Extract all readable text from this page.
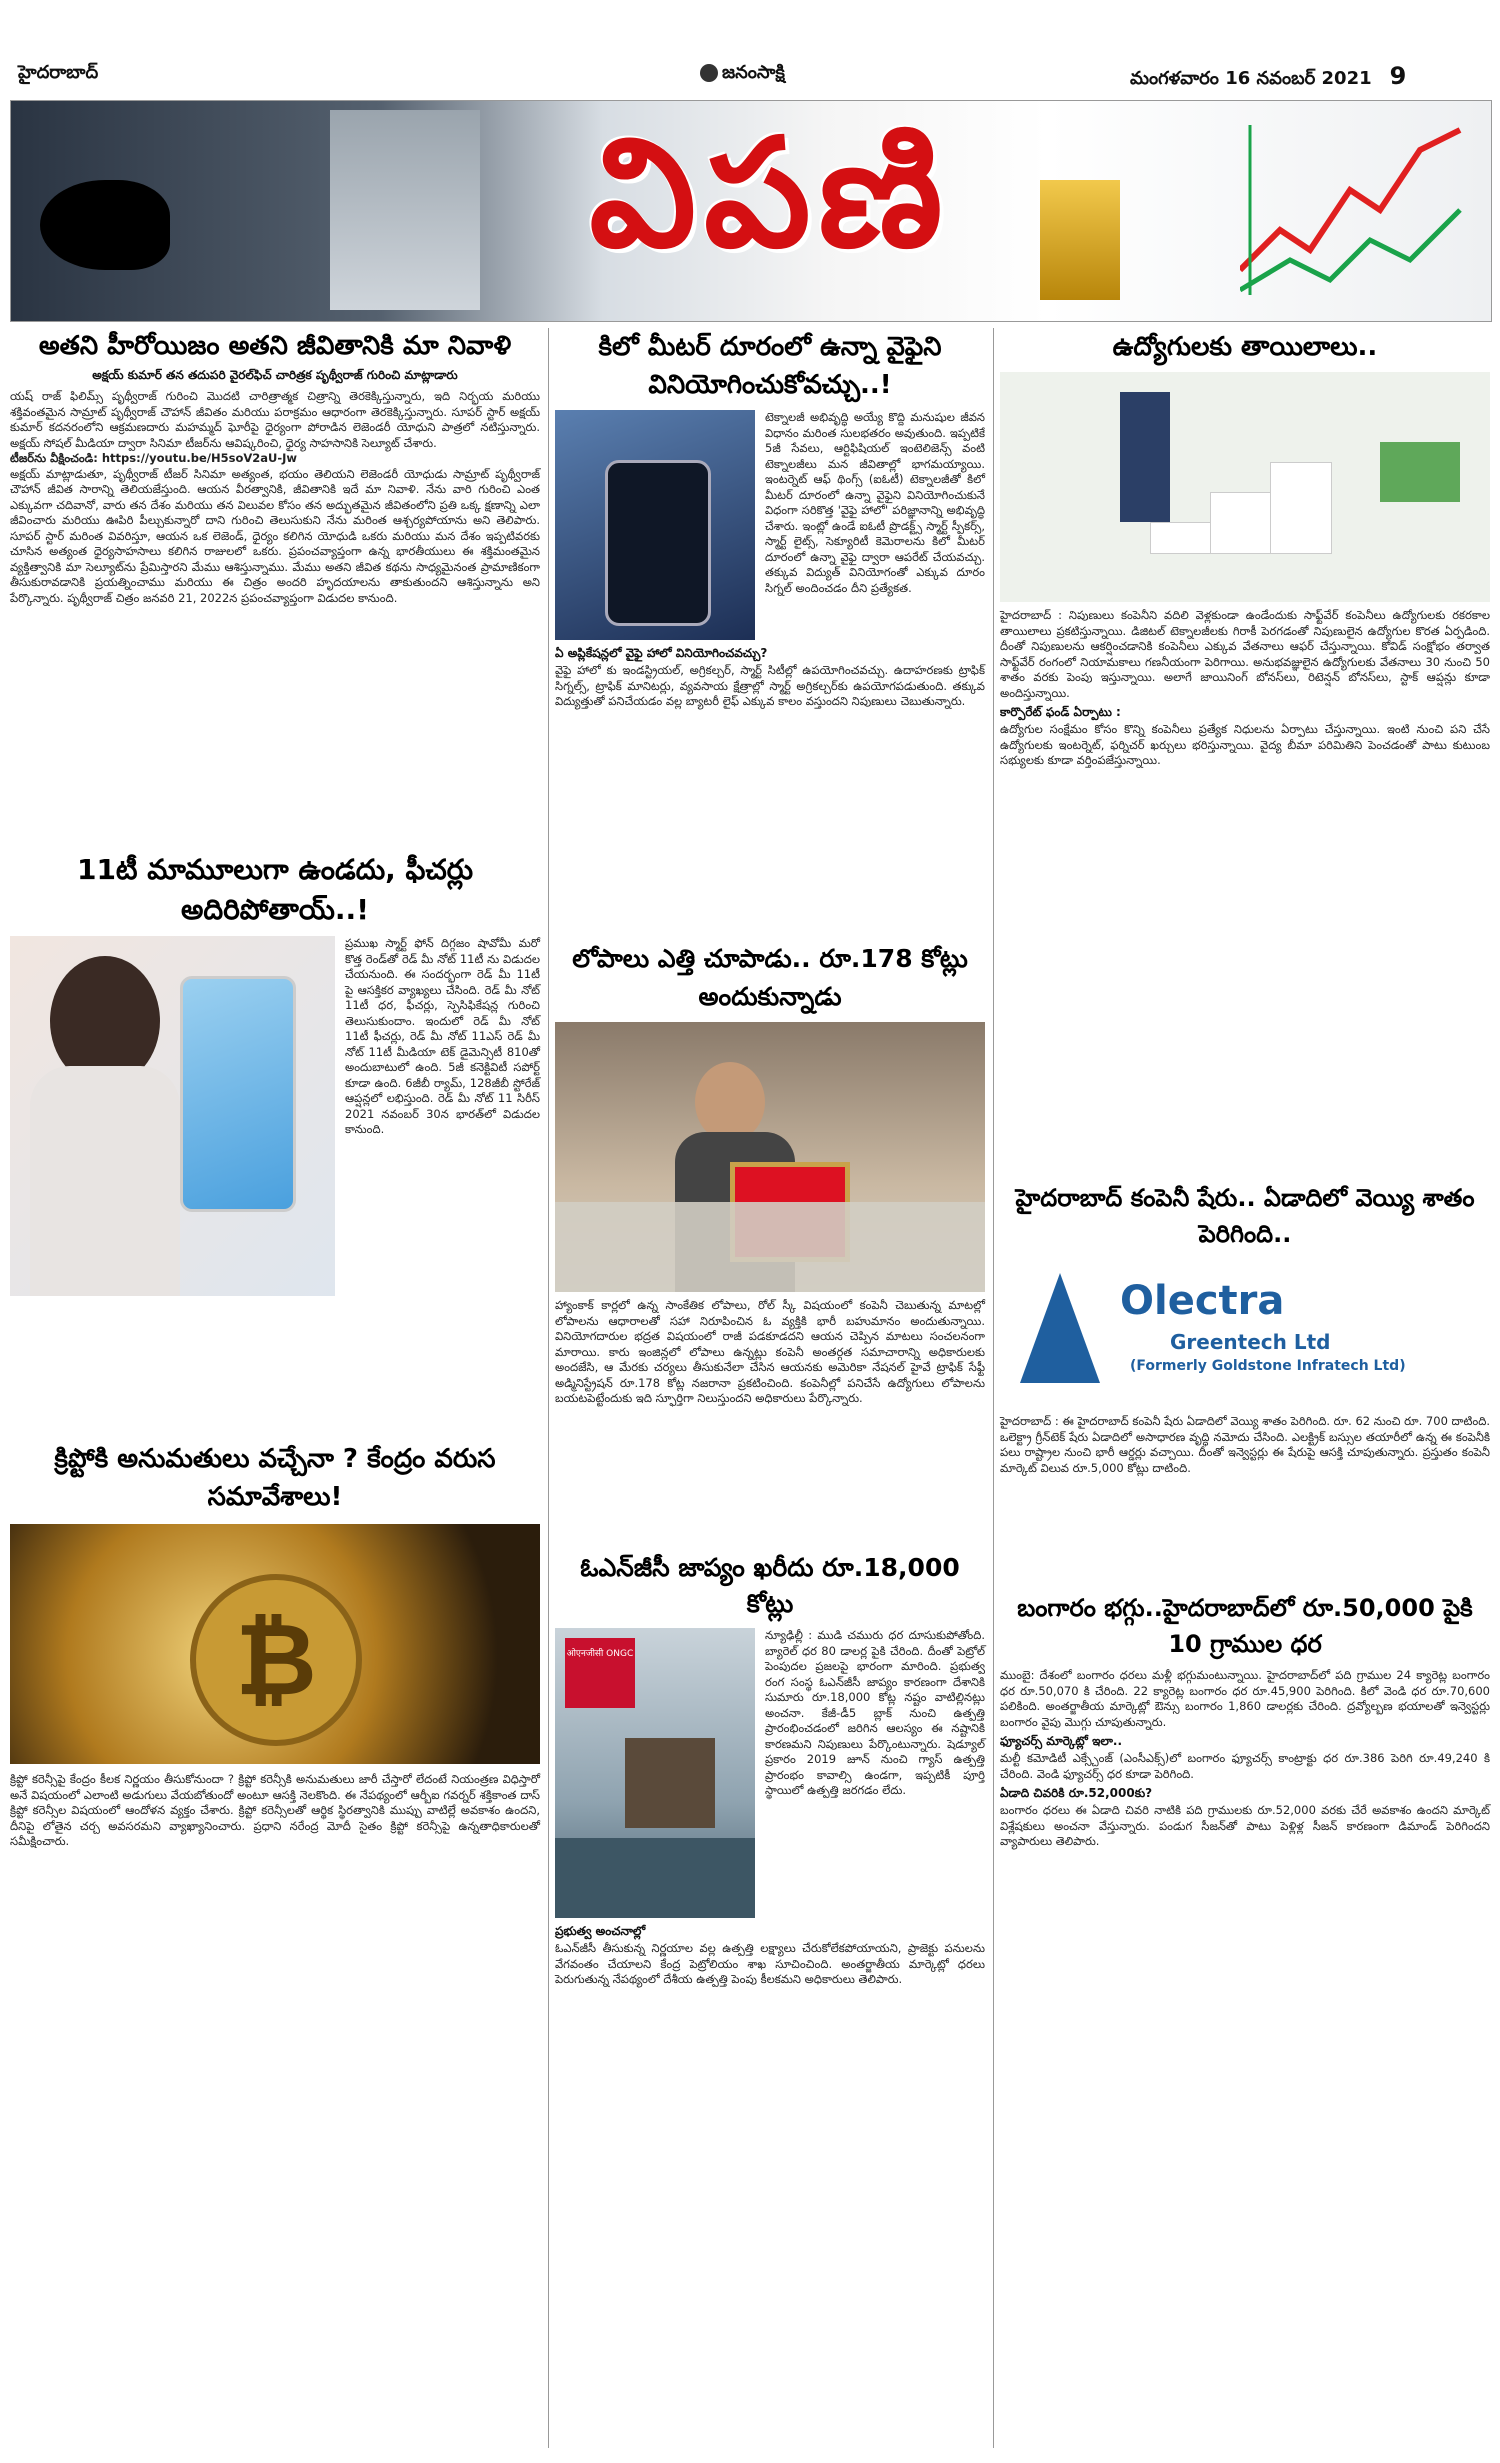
హైదరాబాద్	జనంసాక్షి	మంగళవారం 16 నవంబర్ 2021 9
విపణి
అతని హీరోయిజం అతని జీవితానికి మా నివాళి

అక్షయ్ కుమార్ తన తదుపరి వైరల్‌ఫిచ్ చారిత్రక పృథ్వీరాజ్ గురించి మాట్లాడారు

యష్ రాజ్ ఫిలిమ్స్ పృథ్వీరాజ్ గురించి మొదటి చారిత్రాత్మక చిత్రాన్ని తెరకెక్కిస్తున్నారు, ఇది నిర్భయ మరియు శక్తివంతమైన సామ్రాట్ పృథ్వీరాజ్ చౌహాన్ జీవితం మరియు పరాక్రమం ఆధారంగా తెరకెక్కిస్తున్నారు. సూపర్ స్టార్ అక్షయ్ కుమార్ కదనరంలోని ఆక్రమణదారు మహమ్మద్ ఘోరీపై ధైర్యంగా పోరాడిన లెజెండరీ యోధుని పాత్రలో నటిస్తున్నారు. అక్షయ్ సోషల్ మీడియా ద్వారా సినిమా టీజర్‌ను ఆవిష్కరించి, ధైర్య సాహసానికి సెల్యూట్ చేశారు.

టీజర్‌ను వీక్షించండి: https://youtu.be/H5soV2aU-Jw

అక్షయ్ మాట్లాడుతూ, పృథ్వీరాజ్ టీజర్ సినిమా అత్యంత, భయం తెలియని లెజెండరీ యోధుడు సామ్రాట్ పృథ్వీరాజ్ చౌహాన్ జీవిత సారాన్ని తెలియజేస్తుంది. ఆయన వీరత్వానికి, జీవితానికి ఇదే మా నివాళి. నేను వారి గురించి ఎంత ఎక్కువగా చదివానో, వారు తన దేశం మరియు తన విలువల కోసం తన అద్భుతమైన జీవితంలోని ప్రతి ఒక్క క్షణాన్ని ఎలా జీవించారు మరియు ఊపిరి పీల్చుకున్నారో దాని గురించి తెలుసుకుని నేను మరింత ఆశ్చర్యపోయాను అని తెలిపారు. సూపర్ స్టార్ మరింత వివరిస్తూ, ఆయన ఒక లెజెండ్, ధైర్యం కలిగిన యోధుడి ఒకరు మరియు మన దేశం ఇప్పటివరకు చూసిన అత్యంత ధైర్యసాహసాలు కలిగిన రాజులలో ఒకరు. ప్రపంచవ్యాప్తంగా ఉన్న భారతీయులు ఈ శక్తిమంతమైన వ్యక్తిత్వానికి మా సెల్యూట్‌ను ప్రేమిస్తారని మేము ఆశిస్తున్నాము. మేము అతని జీవిత కథను సాధ్యమైనంత ప్రామాణికంగా తీసుకురావడానికి ప్రయత్నించాము మరియు ఈ చిత్రం అందరి హృదయాలను తాకుతుందని ఆశిస్తున్నాను అని పేర్కొన్నారు. పృథ్వీరాజ్ చిత్రం జనవరి 21, 2022న ప్రపంచవ్యాప్తంగా విడుదల కానుంది.

11టీ మామూలుగా ఉండదు, ఫీచర్లు అదిరిపోతాయ్..!

ప్రముఖ స్మార్ట్ ఫోన్ దిగ్గజం షావోమీ మరో కొత్త రెండ్‌తో రెడ్ మీ నోట్ 11టీ ను విడుదల చేయనుంది. ఈ సందర్భంగా రెడ్ మీ 11టీ పై ఆసక్తికర వ్యాఖ్యలు చేసింది. రెడ్ మీ నోట్ 11టీ ధర, ఫీచర్లు, స్పెసిఫికేషన్ల గురించి తెలుసుకుందాం. ఇందులో రెడ్ మీ నోట్ 11టీ ఫీచర్లు, రెడ్ మీ నోట్ 11ఎస్ రెడ్ మీ నోట్ 11టీ మీడియా టెక్ డైమెన్సిటీ 810తో అందుబాటులో ఉంది. 5జీ కనెక్టివిటీ సపోర్ట్ కూడా ఉంది. 6జీబీ ర్యామ్, 128జీబీ స్టోరేజ్ ఆప్షన్లలో లభిస్తుంది. రెడ్ మీ నోట్ 11 సిరీస్ 2021 నవంబర్ 30న భారత్‌లో విడుదల కానుంది.

క్రిప్టోకి అనుమతులు వచ్చేనా ? కేంద్రం వరుస సమావేశాలు!
₿

క్రిప్టో కరెన్సీపై కేంద్రం కీలక నిర్ణయం తీసుకోనుందా ? క్రిప్టో కరెన్సీకి అనుమతులు జారీ చేస్తారో లేదంటే నియంత్రణ విధిస్తారో అనే విషయంలో ఎలాంటి అడుగులు వేయబోతుందో అంటూ ఆసక్తి నెలకొంది. ఈ నేపథ్యంలో ఆర్బీఐ గవర్నర్ శక్తికాంత దాస్ క్రిప్టో కరెన్సీల విషయంలో ఆందోళన వ్యక్తం చేశారు. క్రిప్టో కరెన్సీలతో ఆర్థిక స్థిరత్వానికి ముప్పు వాటిల్లే అవకాశం ఉందని, దీనిపై లోతైన చర్చ అవసరమని వ్యాఖ్యానించారు. ప్రధాని నరేంద్ర మోదీ సైతం క్రిప్టో కరెన్సీపై ఉన్నతాధికారులతో సమీక్షించారు.

కిలో మీటర్ దూరంలో ఉన్నా వైఫైని వినియోగించుకోవచ్చు..!

టెక్నాలజీ అభివృద్ధి అయ్యే కొద్ది మనుషుల జీవన విధానం మరింత సులభతరం అవుతుంది. ఇప్పటికే 5జీ సేవలు, ఆర్టిఫిషియల్ ఇంటెలిజెన్స్ వంటి టెక్నాలజీలు మన జీవితాల్లో భాగమయ్యాయి. ఇంటర్నెట్ ఆఫ్ థింగ్స్ (ఐఓటీ) టెక్నాలజీతో కిలో మీటర్ దూరంలో ఉన్నా వైఫైని వినియోగించుకునే విధంగా సరికొత్త 'వైఫై హాలో' పరిజ్ఞానాన్ని అభివృద్ధి చేశారు. ఇంట్లో ఉండే ఐఓటీ ప్రొడక్ట్స్ స్మార్ట్ స్పీకర్స్, స్మార్ట్ లైట్స్, సెక్యూరిటీ కెమెరాలను కిలో మీటర్ దూరంలో ఉన్నా వైఫై ద్వారా ఆపరేట్ చేయవచ్చు. తక్కువ విద్యుత్ వినియోగంతో ఎక్కువ దూరం సిగ్నల్ అందించడం దీని ప్రత్యేకత.

ఏ అప్లికేషన్లలో వైఫై హాలో వినియోగించవచ్చు?

వైఫై హాలో కు ఇండస్ట్రియల్, అగ్రికల్చర్, స్మార్ట్ సిటీల్లో ఉపయోగించవచ్చు. ఉదాహరణకు ట్రాఫిక్ సిగ్నల్స్, ట్రాఫిక్ మానిటర్లు, వ్యవసాయ క్షేత్రాల్లో స్మార్ట్ అగ్రికల్చర్‌కు ఉపయోగపడుతుంది. తక్కువ విద్యుత్తుతో పనిచేయడం వల్ల బ్యాటరీ లైఫ్ ఎక్కువ కాలం వస్తుందని నిపుణులు చెబుతున్నారు.

లోపాలు ఎత్తి చూపాడు.. రూ.178 కోట్లు అందుకున్నాడు

హ్యాంకాక్ కార్లలో ఉన్న సాంకేతిక లోపాలు, రోల్ స్కీ విషయంలో కంపెనీ చెబుతున్న మాటల్లో లోపాలను ఆధారాలతో సహా నిరూపించిన ఓ వ్యక్తికి భారీ బహుమానం అందుతున్నాయి. వినియోగదారుల భద్రత విషయంలో రాజీ పడకూడదని ఆయన చెప్పిన మాటలు సంచలనంగా మారాయి. కారు ఇంజిన్లలో లోపాలు ఉన్నట్లు కంపెనీ అంతర్గత సమాచారాన్ని అధికారులకు అందజేసి, ఆ మేరకు చర్యలు తీసుకునేలా చేసిన ఆయనకు అమెరికా నేషనల్ హైవే ట్రాఫిక్ సేఫ్టీ అడ్మినిస్ట్రేషన్ రూ.178 కోట్ల నజరానా ప్రకటించింది. కంపెనీల్లో పనిచేసే ఉద్యోగులు లోపాలను బయటపెట్టేందుకు ఇది స్ఫూర్తిగా నిలుస్తుందని అధికారులు పేర్కొన్నారు.

ఓఎన్‌జీసీ జాప్యం ఖరీదు రూ.18,000 కోట్లు
ओएनजीसी ONGC

న్యూఢిల్లీ : ముడి చమురు ధర దూసుకుపోతోంది. బ్యారెల్ ధర 80 డాలర్ల పైకి చేరింది. దీంతో పెట్రోల్ పెంపుదల ప్రజలపై భారంగా మారింది. ప్రభుత్వ రంగ సంస్థ ఓఎన్‌జీసీ జాప్యం కారణంగా దేశానికి సుమారు రూ.18,000 కోట్ల నష్టం వాటిల్లినట్లు అంచనా. కేజీ-డీ5 బ్లాక్ నుంచి ఉత్పత్తి ప్రారంభించడంలో జరిగిన ఆలస్యం ఈ నష్టానికి కారణమని నిపుణులు పేర్కొంటున్నారు. షెడ్యూల్ ప్రకారం 2019 జూన్ నుంచి గ్యాస్ ఉత్పత్తి ప్రారంభం కావాల్సి ఉండగా, ఇప్పటికీ పూర్తి స్థాయిలో ఉత్పత్తి జరగడం లేదు.

ప్రభుత్వ అంచనాల్లో

ఓఎన్‌జీసీ తీసుకున్న నిర్ణయాల వల్ల ఉత్పత్తి లక్ష్యాలు చేరుకోలేకపోయాయని, ప్రాజెక్టు పనులను వేగవంతం చేయాలని కేంద్ర పెట్రోలియం శాఖ సూచించింది. అంతర్జాతీయ మార్కెట్లో ధరలు పెరుగుతున్న నేపథ్యంలో దేశీయ ఉత్పత్తి పెంపు కీలకమని అధికారులు తెలిపారు.

ఉద్యోగులకు తాయిలాలు..

హైదరాబాద్ : నిపుణులు కంపెనీని వదిలి వెళ్లకుండా ఉండేందుకు సాఫ్ట్‌వేర్ కంపెనీలు ఉద్యోగులకు రకరకాల తాయిలాలు ప్రకటిస్తున్నాయి. డిజిటల్ టెక్నాలజీలకు గిరాకీ పెరగడంతో నిపుణులైన ఉద్యోగుల కొరత ఏర్పడింది. దీంతో నిపుణులను ఆకర్షించడానికి కంపెనీలు ఎక్కువ వేతనాలు ఆఫర్ చేస్తున్నాయి. కోవిడ్ సంక్షోభం తర్వాత సాఫ్ట్‌వేర్ రంగంలో నియామకాలు గణనీయంగా పెరిగాయి. అనుభవజ్ఞులైన ఉద్యోగులకు వేతనాలు 30 నుంచి 50 శాతం వరకు పెంపు ఇస్తున్నాయి. అలాగే జాయినింగ్ బోనస్‌లు, రిటెన్షన్ బోనస్‌లు, స్టాక్ ఆప్షన్లు కూడా అందిస్తున్నాయి.

కార్పొరేట్ ఫండ్ ఏర్పాటు :

ఉద్యోగుల సంక్షేమం కోసం కొన్ని కంపెనీలు ప్రత్యేక నిధులను ఏర్పాటు చేస్తున్నాయి. ఇంటి నుంచి పని చేసే ఉద్యోగులకు ఇంటర్నెట్, ఫర్నిచర్ ఖర్చులు భరిస్తున్నాయి. వైద్య బీమా పరిమితిని పెంచడంతో పాటు కుటుంబ సభ్యులకు కూడా వర్తింపజేస్తున్నాయి.

హైదరాబాద్ కంపెనీ షేరు.. ఏడాదిలో వెయ్యి శాతం పెరిగింది..
Olectra
Greentech Ltd
(Formerly Goldstone Infratech Ltd)

హైదరాబాద్ : ఈ హైదరాబాద్ కంపెనీ షేరు ఏడాదిలో వెయ్యి శాతం పెరిగింది. రూ. 62 నుంచి రూ. 700 దాటింది. ఒలెక్ట్రా గ్రీన్‌టెక్ షేరు ఏడాదిలో అసాధారణ వృద్ధి నమోదు చేసింది. ఎలక్ట్రిక్ బస్సుల తయారీలో ఉన్న ఈ కంపెనీకి పలు రాష్ట్రాల నుంచి భారీ ఆర్డర్లు వచ్చాయి. దీంతో ఇన్వెస్టర్లు ఈ షేరుపై ఆసక్తి చూపుతున్నారు. ప్రస్తుతం కంపెనీ మార్కెట్ విలువ రూ.5,000 కోట్లు దాటింది.

బంగారం భగ్గు..హైదరాబాద్‌లో రూ.50,000 పైకి 10 గ్రాముల ధర

ముంబై: దేశంలో బంగారం ధరలు మళ్లీ భగ్గుమంటున్నాయి. హైదరాబాద్‌లో పది గ్రాముల 24 క్యారెట్ల బంగారం ధర రూ.50,070 కి చేరింది. 22 క్యారెట్ల బంగారం ధర రూ.45,900 పెరిగింది. కిలో వెండి ధర రూ.70,600 పలికింది. అంతర్జాతీయ మార్కెట్లో ఔన్సు బంగారం 1,860 డాలర్లకు చేరింది. ద్రవ్యోల్బణ భయాలతో ఇన్వెస్టర్లు బంగారం వైపు మొగ్గు చూపుతున్నారు.

ఫ్యూచర్స్ మార్కెట్లో ఇలా..

మల్టీ కమోడిటీ ఎక్స్చేంజ్ (ఎంసీఎక్స్)లో బంగారం ఫ్యూచర్స్ కాంట్రాక్టు ధర రూ.386 పెరిగి రూ.49,240 కి చేరింది. వెండి ఫ్యూచర్స్ ధర కూడా పెరిగింది.

ఏడాది చివరికి రూ.52,000కు?

బంగారం ధరలు ఈ ఏడాది చివరి నాటికి పది గ్రాములకు రూ.52,000 వరకు చేరే అవకాశం ఉందని మార్కెట్ విశ్లేషకులు అంచనా వేస్తున్నారు. పండుగ సీజన్‌తో పాటు పెళ్లిళ్ల సీజన్ కారణంగా డిమాండ్ పెరిగిందని వ్యాపారులు తెలిపారు.
